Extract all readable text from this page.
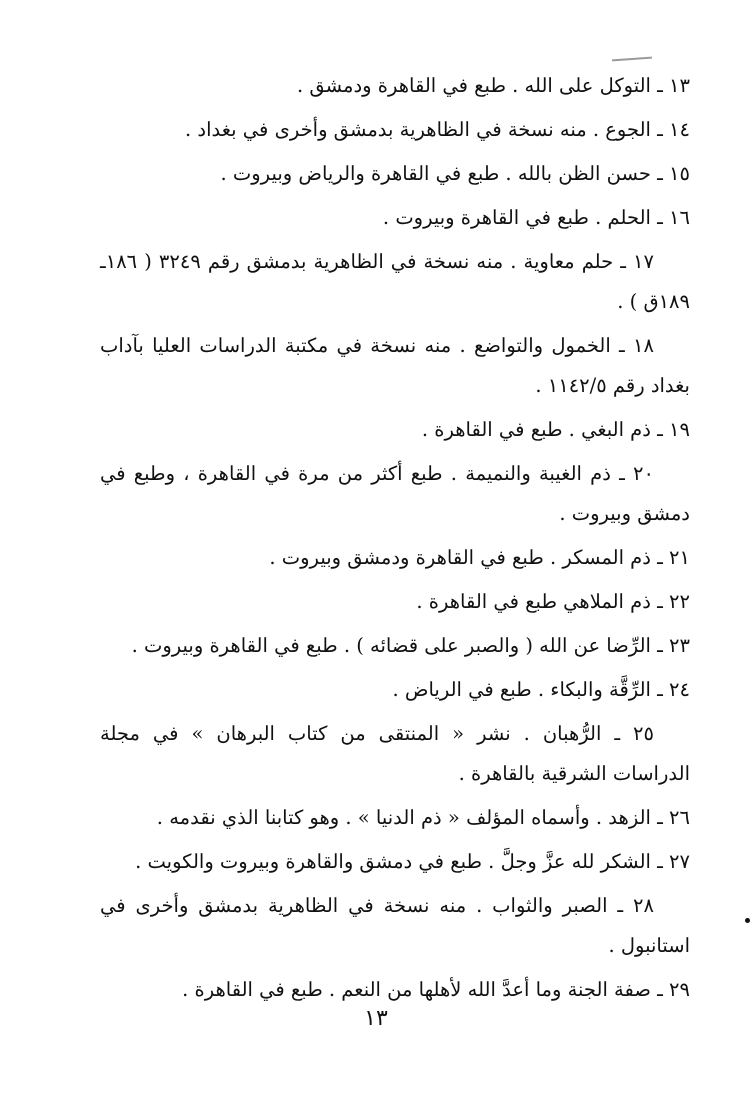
١٣ ـ التوكل على الله . طبع في القاهرة ودمشق .

١٤ ـ الجوع . منه نسخة في الظاهرية بدمشق وأخرى في بغداد .

١٥ ـ حسن الظن بالله . طبع في القاهرة والرياض وبيروت .

١٦ ـ الحلم . طبع في القاهرة وبيروت .

١٧ ـ حلم معاوية . منه نسخة في الظاهرية بدمشق رقم ٣٢٤٩ ( ١٨٦ـ ١٨٩ق ) .

١٨ ـ الخمول والتواضع . منه نسخة في مكتبة الدراسات العليا بآداب بغداد رقم ١١٤٢/٥ .

١٩ ـ ذم البغي . طبع في القاهرة .

٢٠ ـ ذم الغيبة والنميمة . طبع أكثر من مرة في القاهرة ، وطبع في دمشق وبيروت .

٢١ ـ ذم المسكر . طبع في القاهرة ودمشق وبيروت .

٢٢ ـ ذم الملاهي طبع في القاهرة .

٢٣ ـ الرِّضا عن الله ( والصبر على قضائه ) . طبع في القاهرة وبيروت .

٢٤ ـ الرِّقَّة والبكاء . طبع في الرياض .

٢٥ ـ الرُّهبان . نشر « المنتقى من كتاب البرهان » في مجلة الدراسات الشرقية بالقاهرة .

٢٦ ـ الزهد . وأسماه المؤلف « ذم الدنيا » . وهو كتابنا الذي نقدمه .

٢٧ ـ الشكر لله عزَّ وجلَّ . طبع في دمشق والقاهرة وبيروت والكويت .

٢٨ ـ الصبر والثواب . منه نسخة في الظاهرية بدمشق وأخرى في استانبول .

٢٩ ـ صفة الجنة وما أعدَّ الله لأهلها من النعم . طبع في القاهرة .

١٣
